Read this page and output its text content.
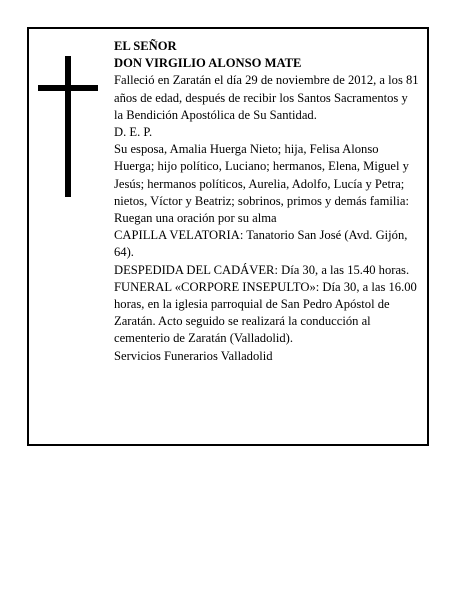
EL SEÑOR

DON VIRGILIO ALONSO MATE

Falleció en Zaratán el día 29 de noviembre de 2012, a los 81 años de edad, después de recibir los Santos Sacramentos y la Bendición Apostólica de Su Santidad.

D. E. P.

Su esposa, Amalia Huerga Nieto; hija, Felisa Alonso Huerga; hijo político, Luciano; hermanos, Elena, Miguel y Jesús; hermanos políticos, Aurelia, Adolfo, Lucía y Petra; nietos, Víctor y Beatriz; sobrinos, primos y demás familia:

Ruegan una oración por su alma

CAPILLA VELATORIA: Tanatorio San José (Avd. Gijón, 64).

DESPEDIDA DEL CADÁVER: Día 30, a las 15.40 horas.

FUNERAL «CORPORE INSEPULTO»: Día 30, a las 16.00 horas, en la iglesia parroquial de San Pedro Apóstol de Zaratán. Acto seguido se realizará la conducción al cementerio de Zaratán (Valladolid).

Servicios Funerarios Valladolid
